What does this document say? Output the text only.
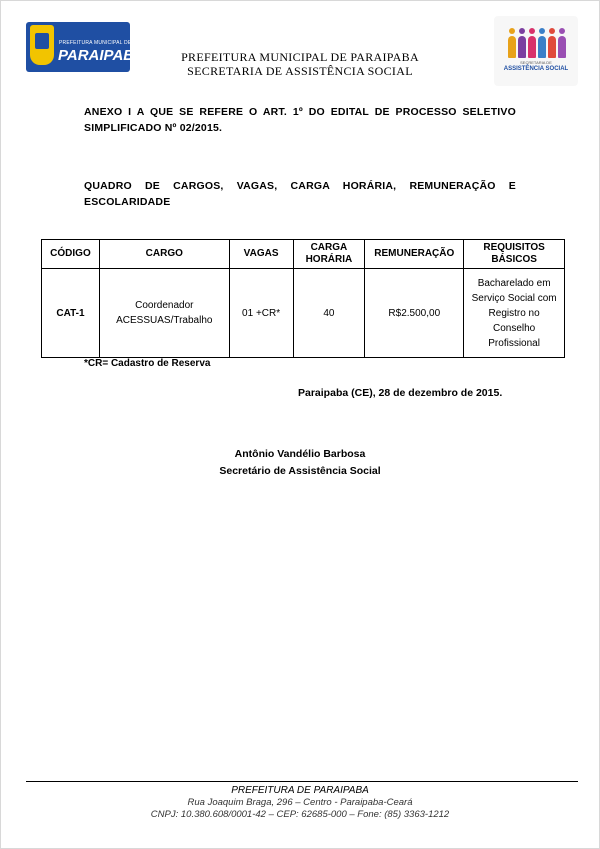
PREFEITURA MUNICIPAL DE
PARAIPABA	PREFEITURA MUNICIPAL DE PARAIPABA
SECRETARIA DE ASSISTÊNCIA SOCIAL
SECRETARIA DE
ASSISTÊNCIA SOCIAL
ANEXO I A QUE SE REFERE O ART. 1º DO EDITAL DE PROCESSO SELETIVO
SIMPLIFICADO Nº 02/2015.
QUADRO DE CARGOS, VAGAS, CARGA HORÁRIA, REMUNERAÇÃO E
ESCOLARIDADE
CÓDIGO	CARGO	VAGAS	CARGA HORÁRIA	REMUNERAÇÃO	REQUISITOS BÁSICOS
CAT-1	Coordenador ACESSUAS/Trabalho	01 +CR*	40	R$2.500,00	Bacharelado em Serviço Social com Registro no Conselho Profissional
*CR= Cadastro de Reserva
Paraipaba (CE), 28 de dezembro de 2015.
Antônio Vandélio Barbosa
Secretário de Assistência Social
PREFEITURA DE PARAIPABA
Rua Joaquim Braga, 296 – Centro - Paraipaba-Ceará
CNPJ: 10.380.608/0001-42 – CEP: 62685-000 – Fone: (85) 3363-1212
